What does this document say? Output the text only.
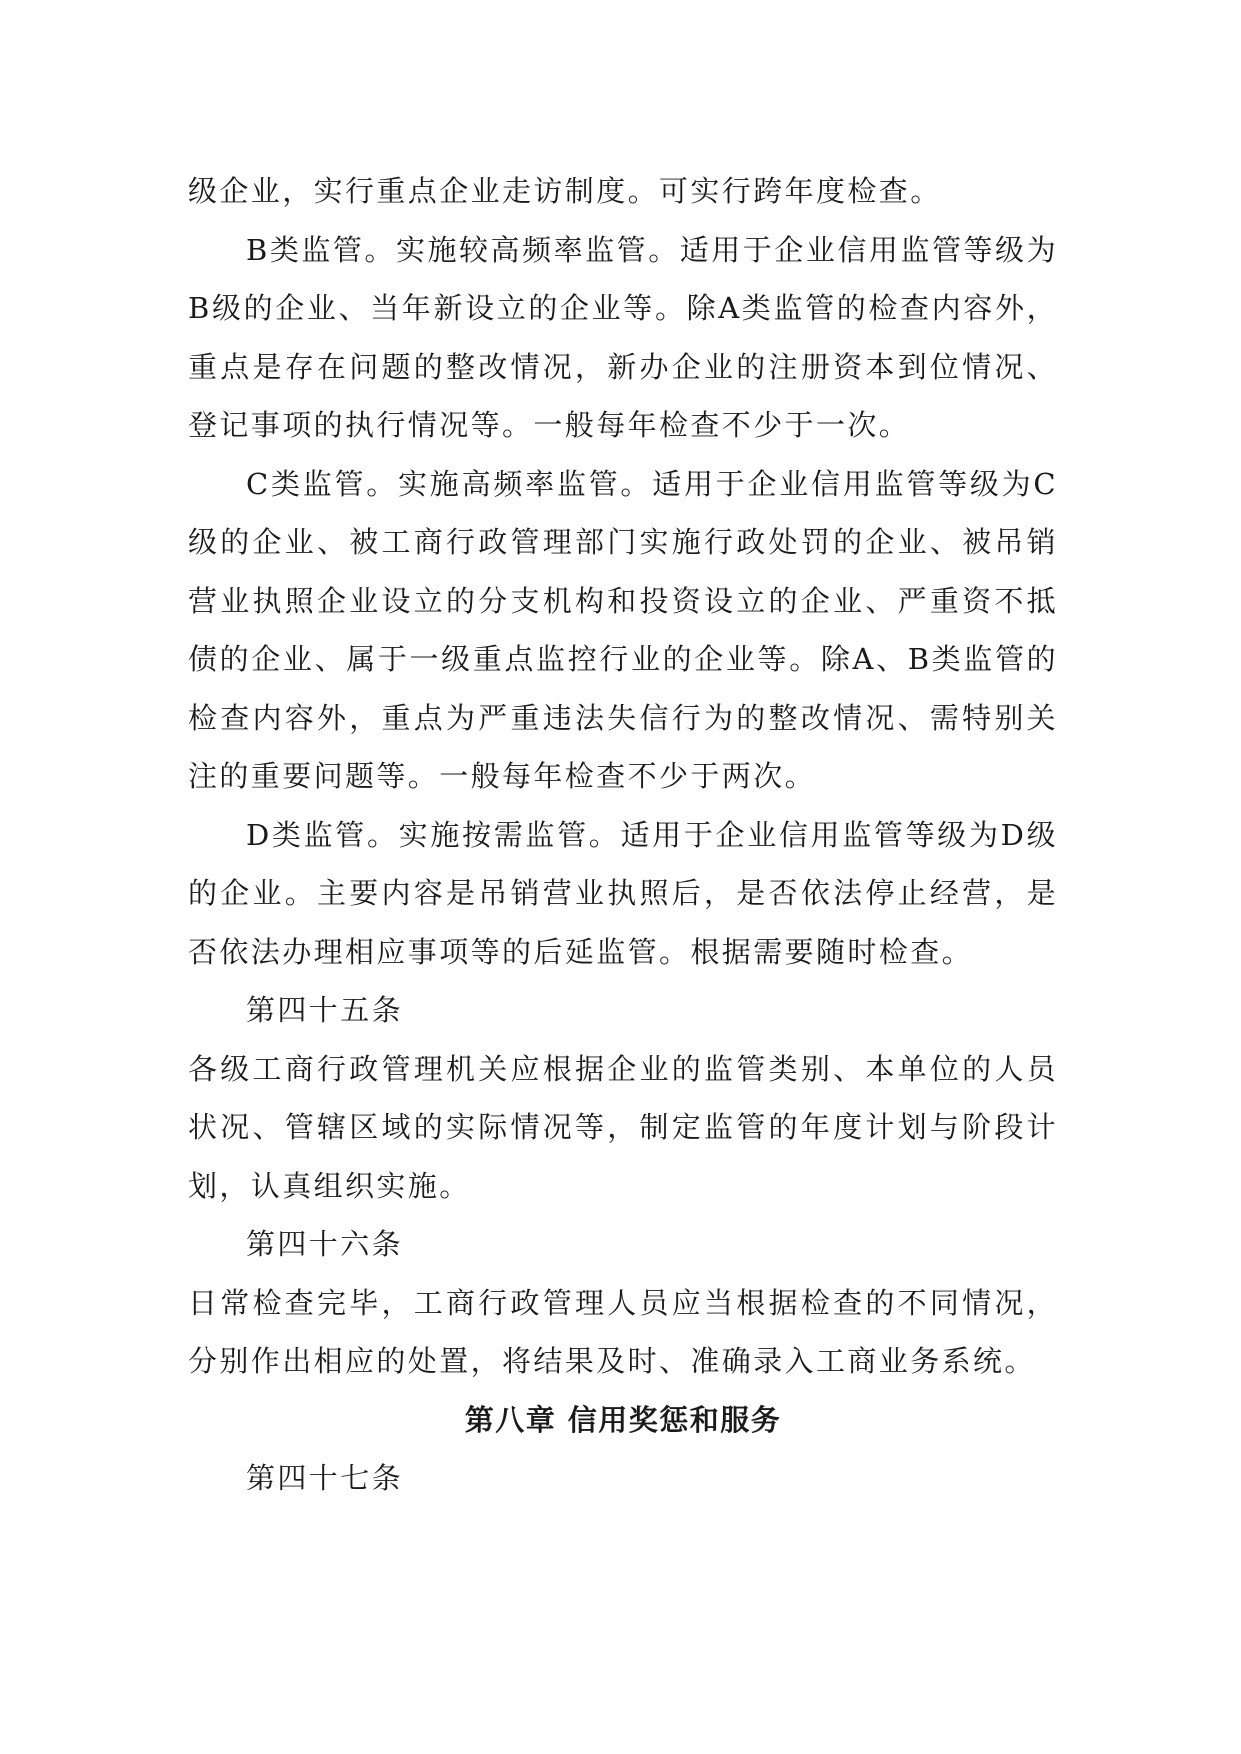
级企业，实行重点企业走访制度。可实行跨年度检查。

B类监管。实施较高频率监管。适用于企业信用监管等级为B级的企业、当年新设立的企业等。除A类监管的检查内容外，重点是存在问题的整改情况，新办企业的注册资本到位情况、登记事项的执行情况等。一般每年检查不少于一次。

C类监管。实施高频率监管。适用于企业信用监管等级为C级的企业、被工商行政管理部门实施行政处罚的企业、被吊销营业执照企业设立的分支机构和投资设立的企业、严重资不抵债的企业、属于一级重点监控行业的企业等。除A、B类监管的检查内容外，重点为严重违法失信行为的整改情况、需特别关注的重要问题等。一般每年检查不少于两次。

D类监管。实施按需监管。适用于企业信用监管等级为D级的企业。主要内容是吊销营业执照后，是否依法停止经营，是否依法办理相应事项等的后延监管。根据需要随时检查。

第四十五条

各级工商行政管理机关应根据企业的监管类别、本单位的人员状况、管辖区域的实际情况等，制定监管的年度计划与阶段计划，认真组织实施。

第四十六条

日常检查完毕，工商行政管理人员应当根据检查的不同情况，分别作出相应的处置，将结果及时、准确录入工商业务系统。

第八章 信用奖惩和服务

第四十七条
